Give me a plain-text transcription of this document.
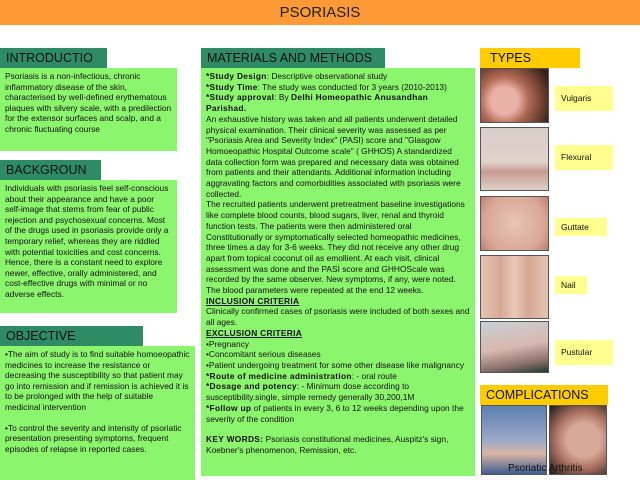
PSORIASIS
INTRODUCTIO

Psoriasis is a non-infectious, chronic inflammatory disease of the skin, characterised by well-defined erythematous plaques with silvery scale, with a predilection for the extensor surfaces and scalp, and a chronic fluctuating course

BACKGROUN

Individuals with psoriasis feel self-conscious about their appearance and have a poor self-image that stems from fear of public rejection and psychosexual concerns. Most of the drugs used in psoriasis provide only a temporary relief, whereas they are riddled with potential toxicities and cost concerns. Hence, there is a constant need to explore newer, effective, orally administered, and cost-effective drugs with minimal or no adverse effects.

OBJECTIVE

•The aim of study is to find suitable homoeopathic medicines to increase the resistance or decreasing the susceptibility so that patient may go into remission and if remission is achieved it is to be prolonged with the help of suitable medicinal intervention

•To control the severity and intensity of psoriatic presentation presenting symptoms, frequent episodes of relapse in reported cases.

MATERIALS AND METHODS

*Study Design: Descriptive observational study

*Study Time: The study was conducted for 3 years (2010-2013)

*Study approval: By Delhi Homeopathic Anusandhan Parishad.

An exhaustive history was taken and all patients underwent detailed physical examination. Their clinical severity was assessed as per "Psoriasis Area and Severity Index" (PASI) score and "Glasgow Homoeopathic Hospital Outcome scale" ( GHHOS) A standardized data collection form was prepared and necessary data was obtained from patients and their attendants. Additional information including aggravating factors and comorbidities associated with psoriasis were collected.

The recruited patients underwent pretreatment baseline investigations like complete blood counts, blood sugars, liver, renal and thyroid function tests. The patients were then administered oral Constitutionally or symptomatically selected homeopathic medicines, three times a day for 3-6 weeks. They did not receive any other drug apart from topical coconut oil as emollient. At each visit, clinical assessment was done and the PASI score and GHHOScale was recorded by the same observer. New symptoms, if any, were noted. The blood parameters were repeated at the end 12 weeks.

INCLUSION CRITERIA

Clinically confirmed cases of psoriasis were included of both sexes and all ages.

EXCLUSION CRITERIA

•Pregnancy

•Concomitant serious diseases

•Patient undergoing treatment for some other disease like malignancy

*Route of medicine administration: - oral route

*Dosage and potency: - Minimum dose according to susceptibility.single, simple remedy generally 30,200,1M

*Follow up of patients in every 3, 6 to 12 weeks depending upon the severity of the condition

KEY WORDS: Psoriasis constitutional medicines, Auspitz's sign, Koebner's phenomenon, Remission, etc.

TYPES
Vulgaris
Flexural
Guttate
Nail
Pustular
COMPLICATIONS
Psoriatic Arthritis
